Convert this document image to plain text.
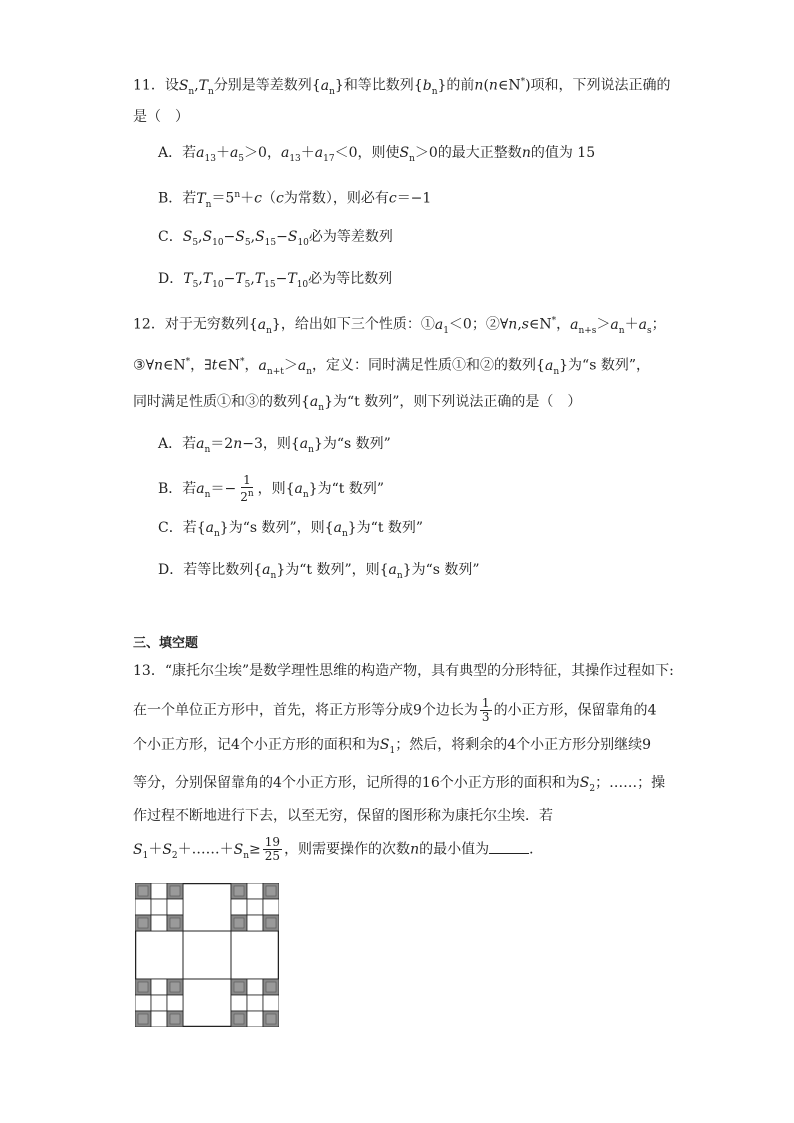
11．设$S_n,T_n$分别是等差数列$\{a_n\}$和等比数列$\{b_n\}$的前n(n∈N*)项和，下列说法正确的
是（　）
A．若$a_{13}+a_5>0$，$a_{13}+a_{17}<0$，则使$S_n>0$的最大正整数n的值为 15
B．若$T_n=5^n+c(c$为常数），则必有c＝−1
C．$S_5,S_{10}-S_5,S_{15}-S_{10}$必为等差数列
D．$T_5,T_{10}-T_5,T_{15}-T_{10}$必为等比数列
12．对于无穷数列$\{a_n\}$，给出如下三个性质：$①a_1<0$；②∀n,s∈N*，$a_{n+s}>a_n+a_s$；
③∀n∈N*，∃t∈N*，$a_{n+t}>a_n$，定义：同时满足性质①和②的数列$\{a_n\}$为“s 数列”，
同时满足性质①和③的数列$\{a_n\}$为“t 数列”，则下列说法正确的是（　）
A．若$a_n=2n-3$，则$\{a_n\}$为“s 数列”
B．若$a_n=- \frac{1}{2^n}$ ，则$\{a_n\}$为“t 数列”
C．若$\{a_n\}$为“s 数列”，则$\{a_n\}$为“t 数列”
D．若等比数列$\{a_n\}$为“t 数列”，则$\{a_n\}$为“s 数列”
三、填空题
13．“康托尔尘埃”是数学理性思维的构造产物，具有典型的分形特征，其操作过程如下:
在一个单位正方形中，首先，将正方形等分成9个边长为 $\frac{1}{3}$ 的小正方形，保留靠角的4
个小正方形，记4个小正方形的面积和为$S_1$；然后，将剩余的4个小正方形分别继续9
等分，分别保留靠角的4个小正方形，记所得的16个小正方形的面积和为$S_2$；……；操
作过程不断地进行下去，以至无穷，保留的图形称为康托尔尘埃．若
$S_1+S_2+\dots\dots+S_n\ge \frac{19}{25}$ ，则需要操作的次数n的最小值为	．
